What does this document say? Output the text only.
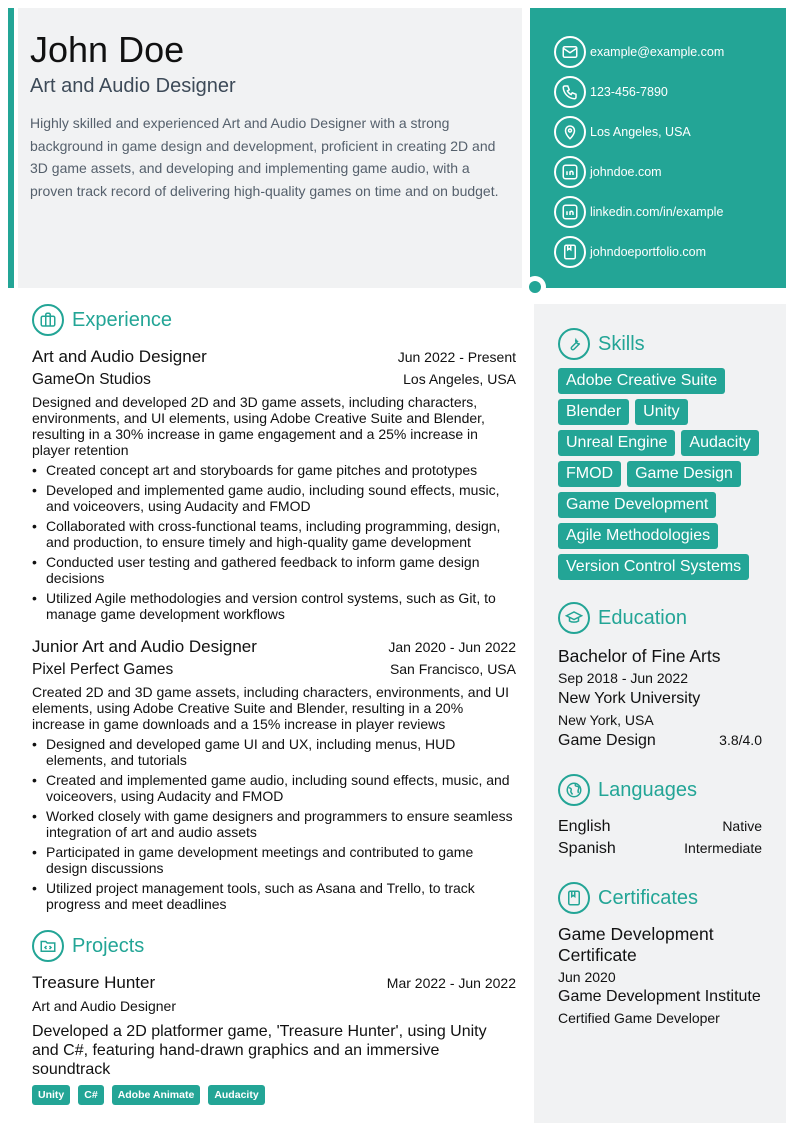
John Doe
Art and Audio Designer
Highly skilled and experienced Art and Audio Designer with a strong background in game design and development, proficient in creating 2D and 3D game assets, and developing and implementing game audio, with a proven track record of delivering high-quality games on time and on budget.
example@example.com
123-456-7890
Los Angeles, USA
johndoe.com
linkedin.com/in/example
johndoeportfolio.com
Experience
Art and Audio Designer	Jun 2022 - Present
GameOn Studios	Los Angeles, USA
Designed and developed 2D and 3D game assets, including characters, environments, and UI elements, using Adobe Creative Suite and Blender, resulting in a 30% increase in game engagement and a 25% increase in player retention
• Created concept art and storyboards for game pitches and prototypes
• Developed and implemented game audio, including sound effects, music, and voiceovers, using Audacity and FMOD
• Collaborated with cross-functional teams, including programming, design, and production, to ensure timely and high-quality game development
• Conducted user testing and gathered feedback to inform game design decisions
• Utilized Agile methodologies and version control systems, such as Git, to manage game development workflows
Junior Art and Audio Designer	Jan 2020 - Jun 2022
Pixel Perfect Games	San Francisco, USA
Created 2D and 3D game assets, including characters, environments, and UI elements, using Adobe Creative Suite and Blender, resulting in a 20% increase in game downloads and a 15% increase in player reviews
• Designed and developed game UI and UX, including menus, HUD elements, and tutorials
• Created and implemented game audio, including sound effects, music, and voiceovers, using Audacity and FMOD
• Worked closely with game designers and programmers to ensure seamless integration of art and audio assets
• Participated in game development meetings and contributed to game design discussions
• Utilized project management tools, such as Asana and Trello, to track progress and meet deadlines
Projects
Treasure Hunter	Mar 2022 - Jun 2022
Art and Audio Designer
Developed a 2D platformer game, 'Treasure Hunter', using Unity and C#, featuring hand-drawn graphics and an immersive soundtrack
Unity	C#	Adobe Animate	Audacity
Skills
Adobe Creative Suite
Blender	Unity
Unreal Engine	Audacity
FMOD	Game Design
Game Development
Agile Methodologies
Version Control Systems
Education
Bachelor of Fine Arts
Sep 2018 - Jun 2022
New York University
New York, USA
Game Design	3.8/4.0
Languages
English	Native
Spanish	Intermediate
Certificates
Game Development Certificate
Jun 2020
Game Development Institute
Certified Game Developer
